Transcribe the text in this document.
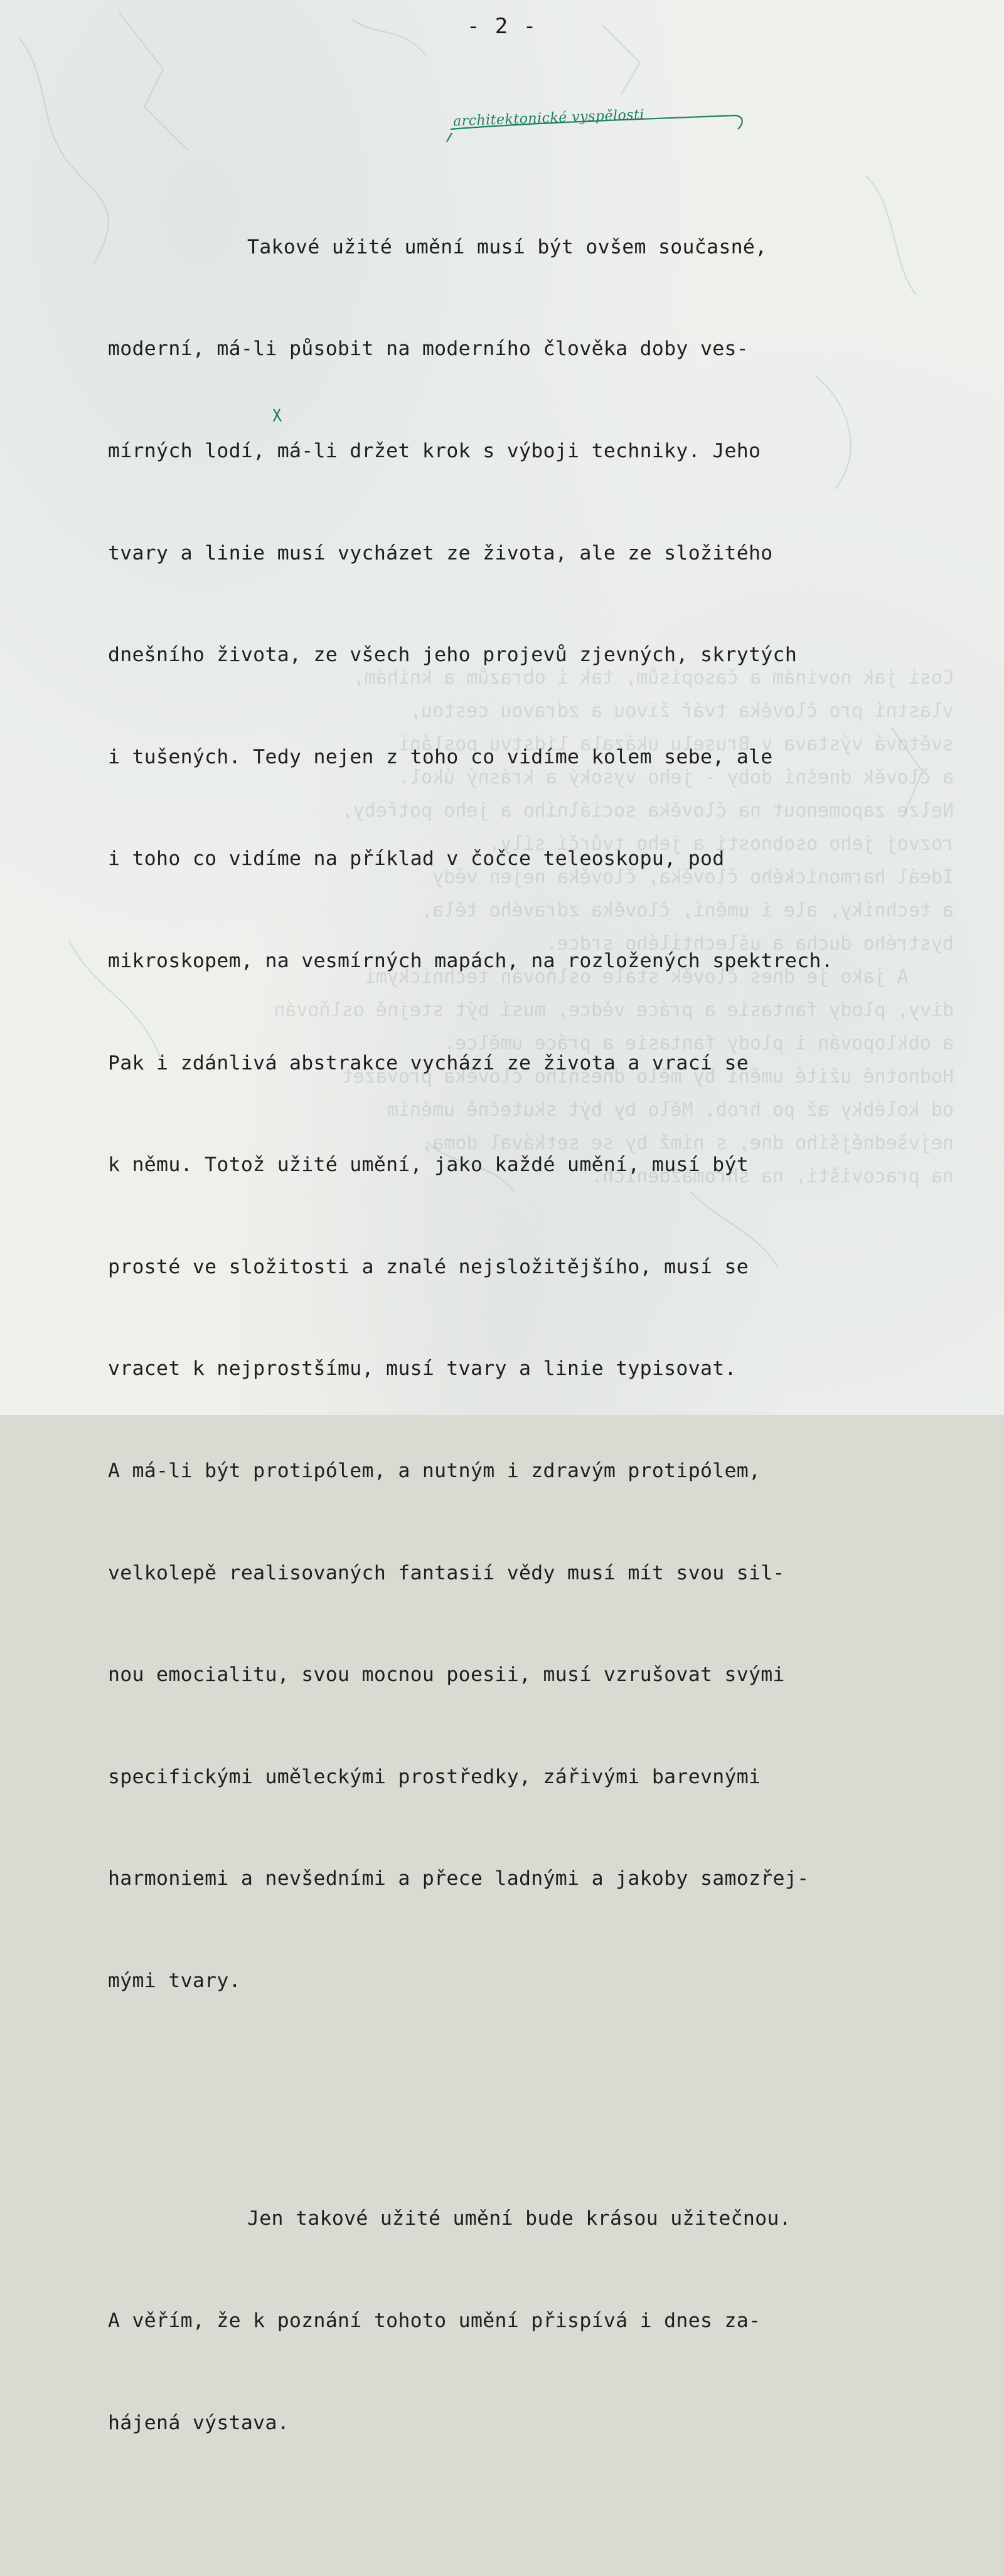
Cosi jak novinám a časopisům, tak i obrazům a knihám,
vlastní pro člověka tvář živou a zdravou cestou,
světová výstava v Bruselu ukázala lidstvu poslání
a člověk dnešní doby - jeho vysoký a krásný úkol.
Nelze zapomenout na člověka sociálního a jeho potřeby,
rozvoj jeho osobnosti a jeho tvůrčí síly.
Ideál harmonického člověka, člověka nejen vědy
a techniky, ale i umění, člověka zdravého těla,
bystrého ducha a ušlechtilého srdce.
A jako je dnes člověk stále oslňován technickými
divy, plody fantasie a práce vědce, musí být stejně oslňován
a obklopován i plody fantasie a práce umělce.
Hodnotné užité umění by mělo dnešního člověka provázet
od kolébky až po hrob. Mělo by být skutečně uměním
nejvšednějšího dne, s nímž by se setkával doma,
na pracovišti, na shromážděních.
- 2 -
architektonické vyspělosti

Takové užité umění musí být ovšem současné,

moderní, má-li působit na moderního člověka doby ves-

mírných lodí, má-li držet krok s výboji techniky. Jeho

tvary a linie musí vycházet ze života, ale ze složitého

dnešního života, ze všech jeho projevů zjevných, skrytých

i tušených. Tedy nejen z toho co vidíme kolem sebe, ale

i toho co vidíme na příklad v čočce teleoskopu, pod

mikroskopem, na vesmírných mapách, na rozložených spektrech.

Pak i zdánlivá abstrakce vychází ze života a vrací se

k němu. Totož užité umění, jako každé umění, musí být

prosté ve složitosti a znalé nejsložitějšího, musí se

vracet k nejprostšímu, musí tvary a linie typisovat.

A má-li být protipólem, a nutným i zdravým protipólem,

velkolepě realisovaných fantasií vědy musí mít svou sil-

nou emocialitu, svou mocnou poesii, musí vzrušovat svými

specifickými uměleckými prostředky, zářivými barevnými

harmoniemi a nevšedními a přece ladnými a jakoby samozřej-

mými tvary.

Jen takové užité umění bude krásou užitečnou.

A věřím, že k poznání tohoto umění přispívá i dnes za-

hájená výstava.
